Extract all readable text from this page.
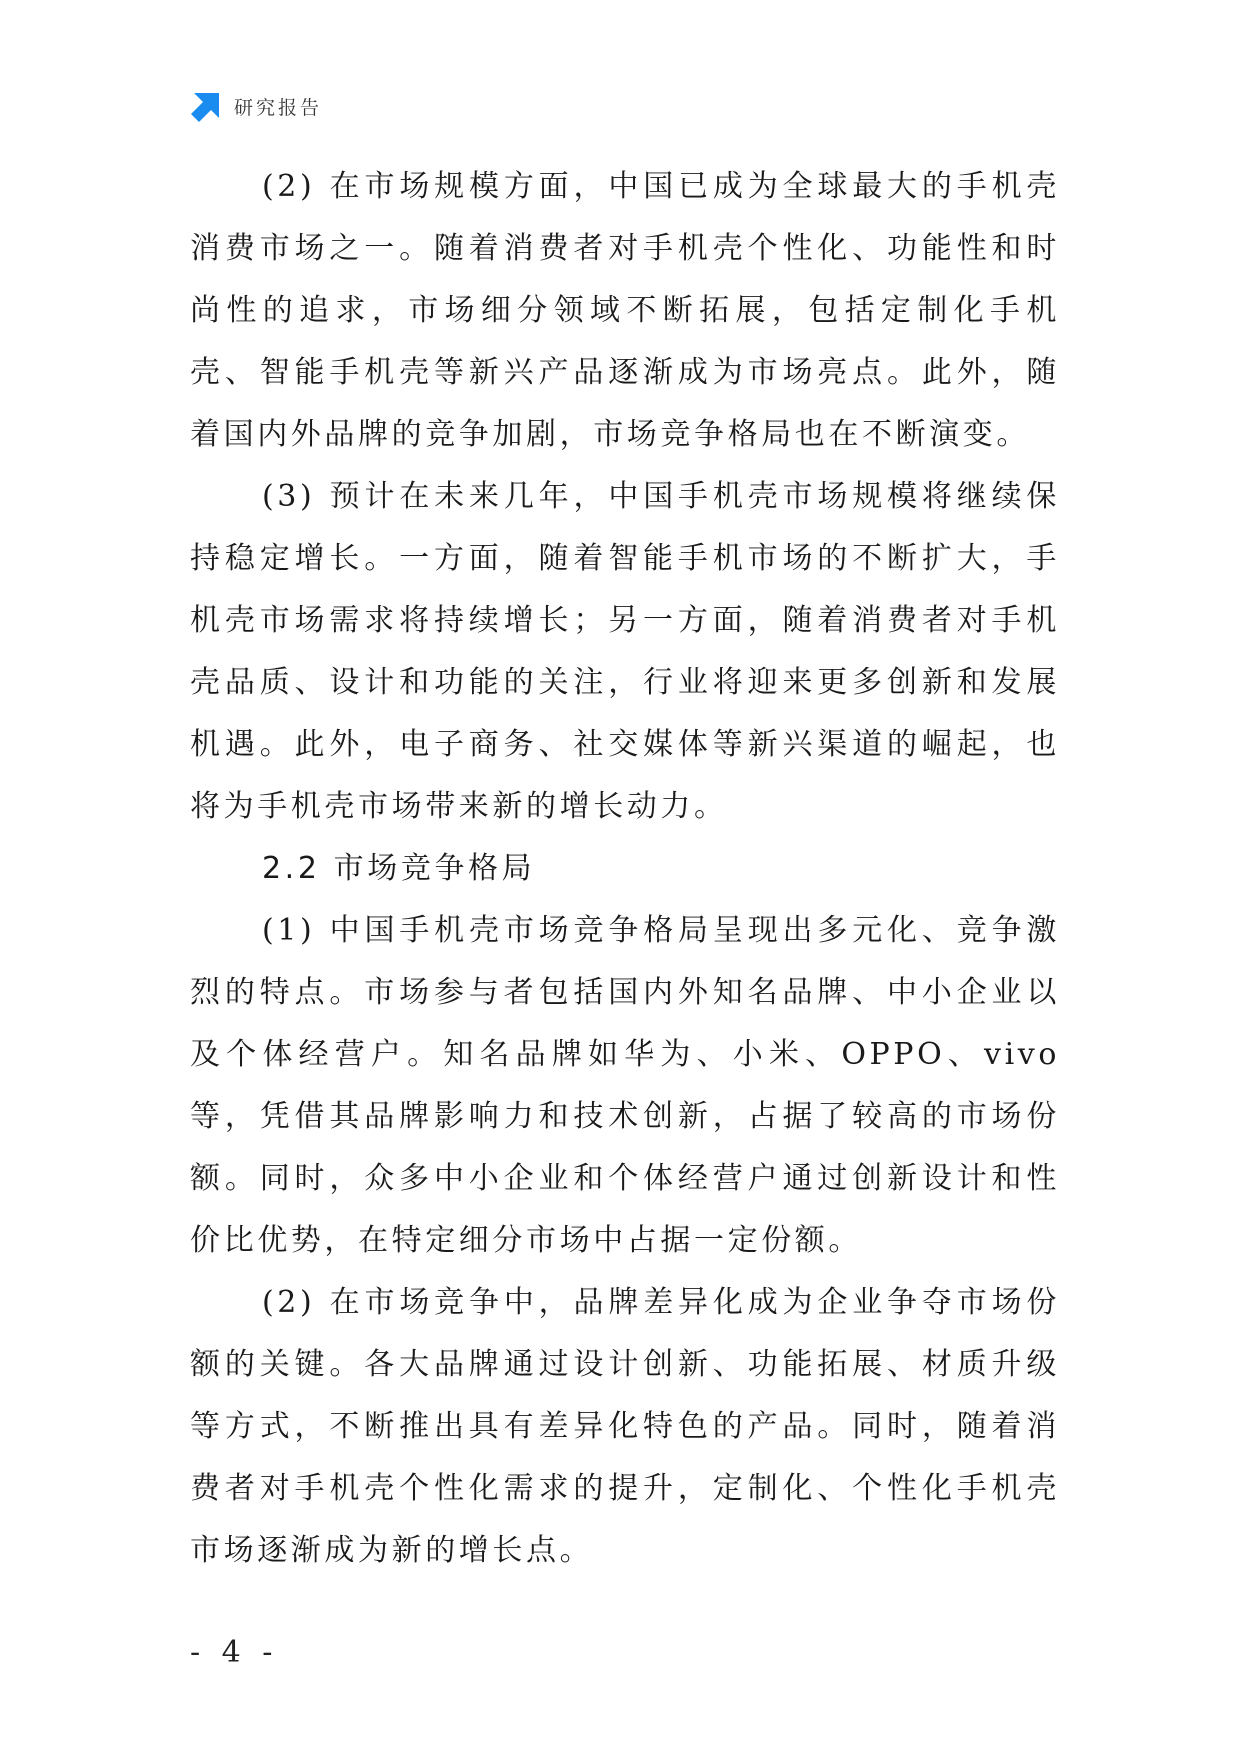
研究报告

(2) 在市场规模方面，中国已成为全球最大的手机壳消费市场之一。随着消费者对手机壳个性化、功能性和时尚性的追求，市场细分领域不断拓展，包括定制化手机壳、智能手机壳等新兴产品逐渐成为市场亮点。此外，随着国内外品牌的竞争加剧，市场竞争格局也在不断演变。

(3) 预计在未来几年，中国手机壳市场规模将继续保持稳定增长。一方面，随着智能手机市场的不断扩大，手机壳市场需求将持续增长；另一方面，随着消费者对手机壳品质、设计和功能的关注，行业将迎来更多创新和发展机遇。此外，电子商务、社交媒体等新兴渠道的崛起，也将为手机壳市场带来新的增长动力。

2.2 市场竞争格局

(1) 中国手机壳市场竞争格局呈现出多元化、竞争激烈的特点。市场参与者包括国内外知名品牌、中小企业以及个体经营户。知名品牌如华为、小米、OPPO、vivo 等，凭借其品牌影响力和技术创新，占据了较高的市场份额。同时，众多中小企业和个体经营户通过创新设计和性价比优势，在特定细分市场中占据一定份额。

(2) 在市场竞争中，品牌差异化成为企业争夺市场份额的关键。各大品牌通过设计创新、功能拓展、材质升级等方式，不断推出具有差异化特色的产品。同时，随着消费者对手机壳个性化需求的提升，定制化、个性化手机壳市场逐渐成为新的增长点。

- 4 -
